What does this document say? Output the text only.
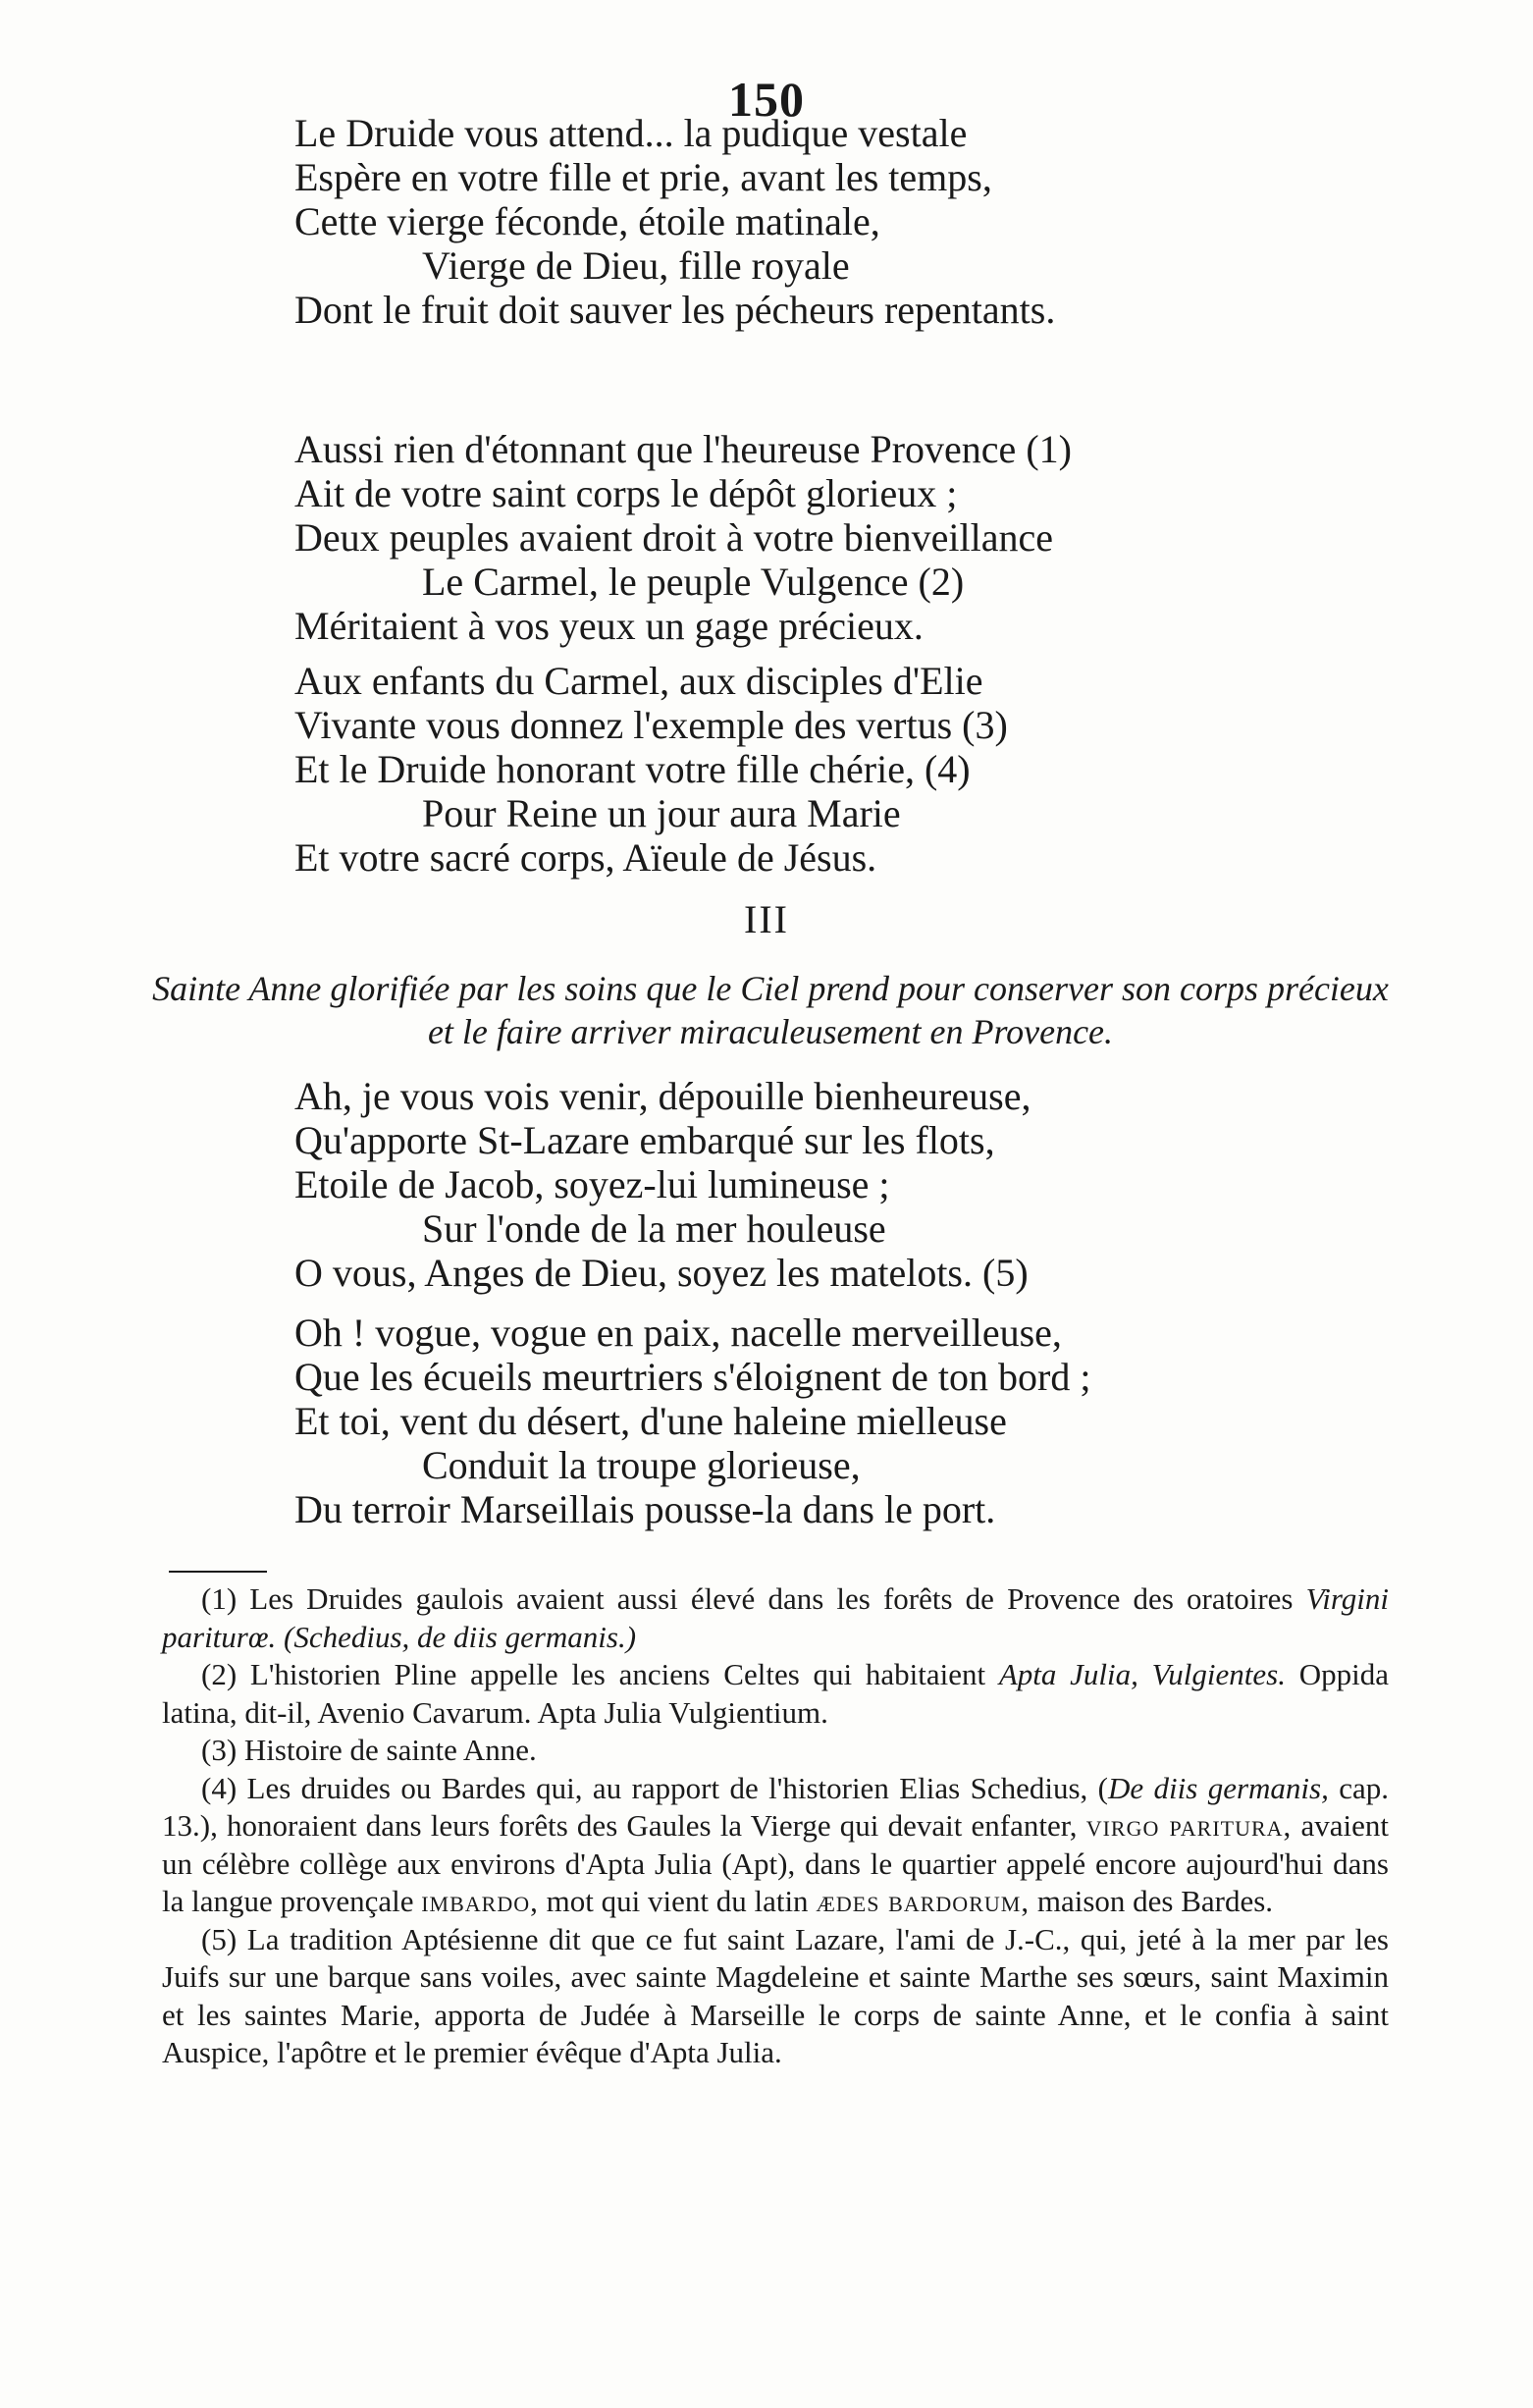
150
Le Druide vous attend... la pudique vestale
Espère en votre fille et prie, avant les temps,
Cette vierge féconde, étoile matinale,
Vierge de Dieu, fille royale
Dont le fruit doit sauver les pécheurs repentants.
Aussi rien d'étonnant que l'heureuse Provence (1)
Ait de votre saint corps le dépôt glorieux ;
Deux peuples avaient droit à votre bienveillance
Le Carmel, le peuple Vulgence (2)
Méritaient à vos yeux un gage précieux.
Aux enfants du Carmel, aux disciples d'Elie
Vivante vous donnez l'exemple des vertus (3)
Et le Druide honorant votre fille chérie, (4)
Pour Reine un jour aura Marie
Et votre sacré corps, Aïeule de Jésus.
III
Sainte Anne glorifiée par les soins que le Ciel prend pour conserver son corps précieux et le faire arriver miraculeusement en Provence.
Ah, je vous vois venir, dépouille bienheureuse,
Qu'apporte St-Lazare embarqué sur les flots,
Etoile de Jacob, soyez-lui lumineuse ;
Sur l'onde de la mer houleuse
O vous, Anges de Dieu, soyez les matelots. (5)
Oh ! vogue, vogue en paix, nacelle merveilleuse,
Que les écueils meurtriers s'éloignent de ton bord ;
Et toi, vent du désert, d'une haleine mielleuse
Conduit la troupe glorieuse,
Du terroir Marseillais pousse-la dans le port.
(1) Les Druides gaulois avaient aussi élevé dans les forêts de Provence des oratoires Virgini pariturœ. (Schedius, de diis germanis.)
(2) L'historien Pline appelle les anciens Celtes qui habitaient Apta Julia, Vulgientes. Oppida latina, dit-il, Avenio Cavarum. Apta Julia Vulgientium.
(3) Histoire de sainte Anne.
(4) Les druides ou Bardes qui, au rapport de l'historien Elias Schedius, (De diis germanis, cap. 13.), honoraient dans leurs forêts des Gaules la Vierge qui devait enfanter, virgo paritura, avaient un célèbre collège aux environs d'Apta Julia (Apt), dans le quartier appelé encore aujourd'hui dans la langue provençale imbardo, mot qui vient du latin ædes bardorum, maison des Bardes.
(5) La tradition Aptésienne dit que ce fut saint Lazare, l'ami de J.-C., qui, jeté à la mer par les Juifs sur une barque sans voiles, avec sainte Magdeleine et sainte Marthe ses sœurs, saint Maximin et les saintes Marie, apporta de Judée à Marseille le corps de sainte Anne, et le confia à saint Auspice, l'apôtre et le premier évêque d'Apta Julia.
